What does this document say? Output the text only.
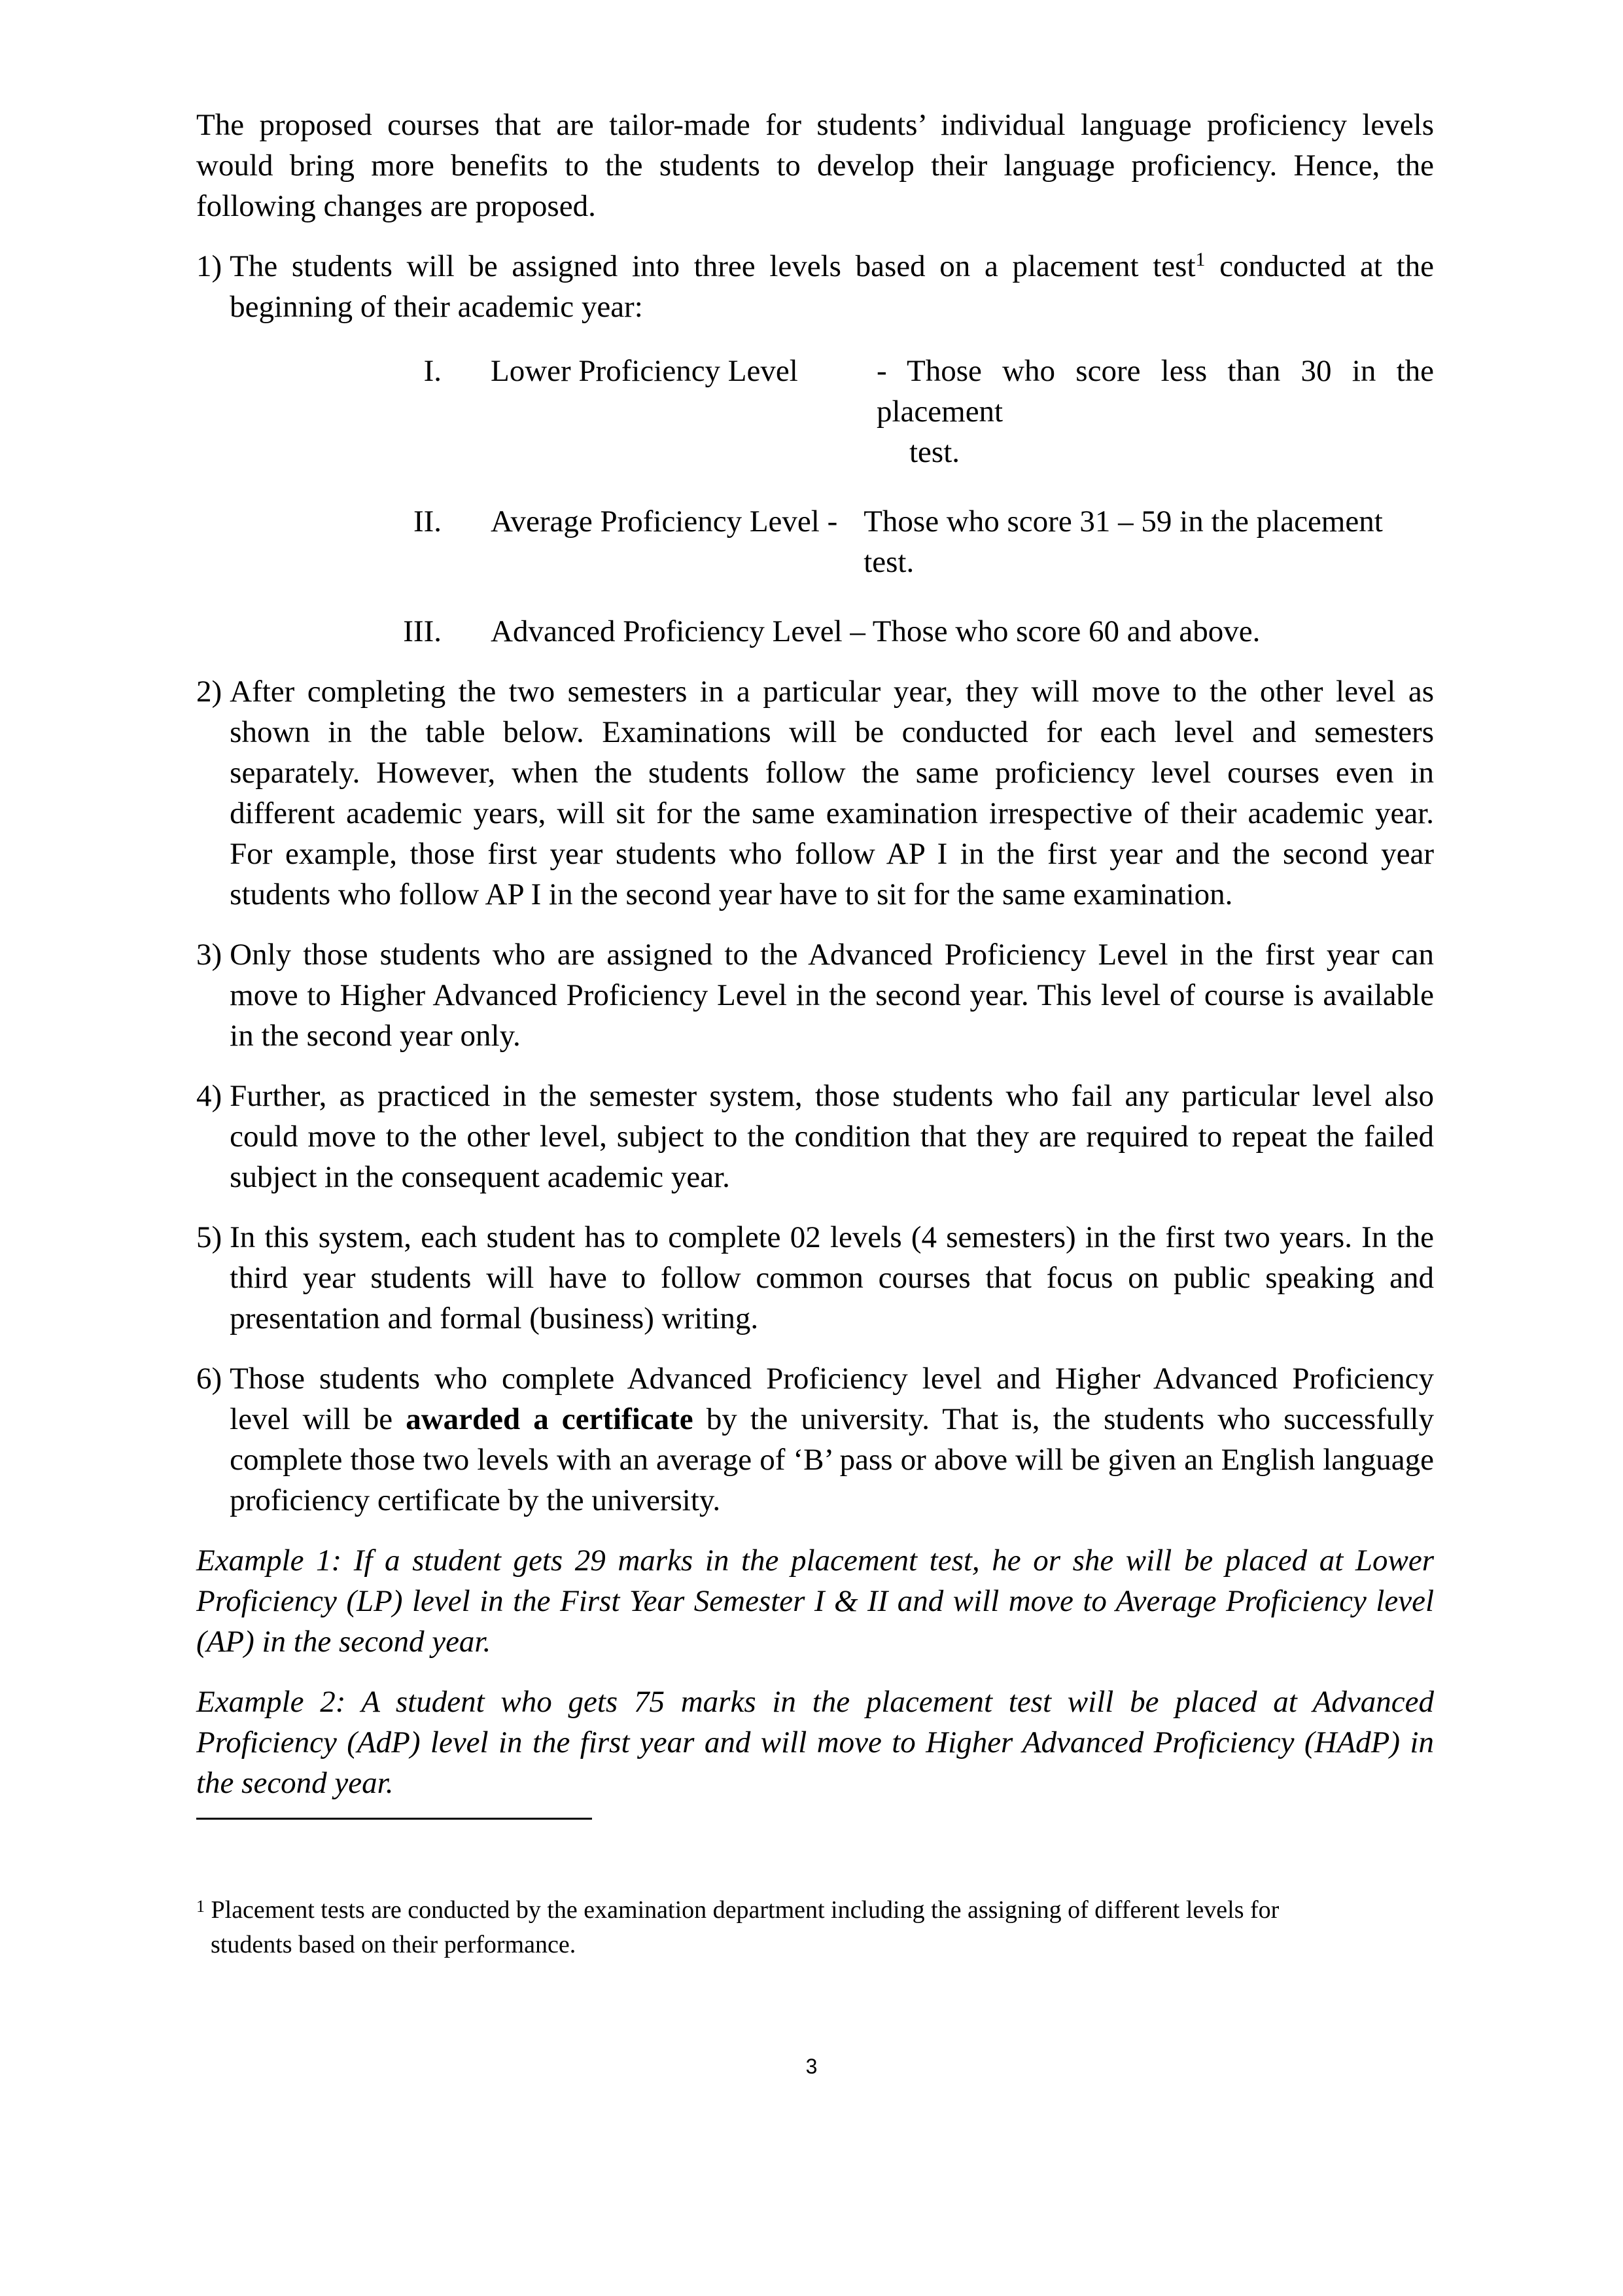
The proposed courses that are tailor-made for students’ individual language proficiency levels would bring more benefits to the students to develop their language proficiency. Hence, the following changes are proposed.

1) The students will be assigned into three levels based on a placement test$^1$ conducted at the beginning of their academic year:
I.	Lower Proficiency Level	- Those who score less than 30 in the placement
test.
II.	Average Proficiency Level - Those who score 31 – 59 in the placement test.
III.	Advanced Proficiency Level – Those who score 60 and above.
2) After completing the two semesters in a particular year, they will move to the other level as shown in the table below. Examinations will be conducted for each level and semesters separately. However, when the students follow the same proficiency level courses even in different academic years, will sit for the same examination irrespective of their academic year. For example, those first year students who follow AP I in the first year and the second year students who follow AP I in the second year have to sit for the same examination.
3) Only those students who are assigned to the Advanced Proficiency Level in the first year can move to Higher Advanced Proficiency Level in the second year. This level of course is available in the second year only.
4) Further, as practiced in the semester system, those students who fail any particular level also could move to the other level, subject to the condition that they are required to repeat the failed subject in the consequent academic year.
5) In this system, each student has to complete 02 levels (4 semesters) in the first two years. In the third year students will have to follow common courses that focus on public speaking and presentation and formal (business) writing.
6) Those students who complete Advanced Proficiency level and Higher Advanced Proficiency level will be awarded a certificate by the university. That is, the students who successfully complete those two levels with an average of ‘B’ pass or above will be given an English language proficiency certificate by the university.

Example 1: If a student gets 29 marks in the placement test, he or she will be placed at Lower Proficiency (LP) level in the First Year Semester I & II and will move to Average Proficiency level (AP) in the second year.

Example 2: A student who gets 75 marks in the placement test will be placed at Advanced Proficiency (AdP) level in the first year and will move to Higher Advanced Proficiency (HAdP) in the second year.

$^1$ Placement tests are conducted by the examination department including the assigning of different levels for
students based on their performance.
3
